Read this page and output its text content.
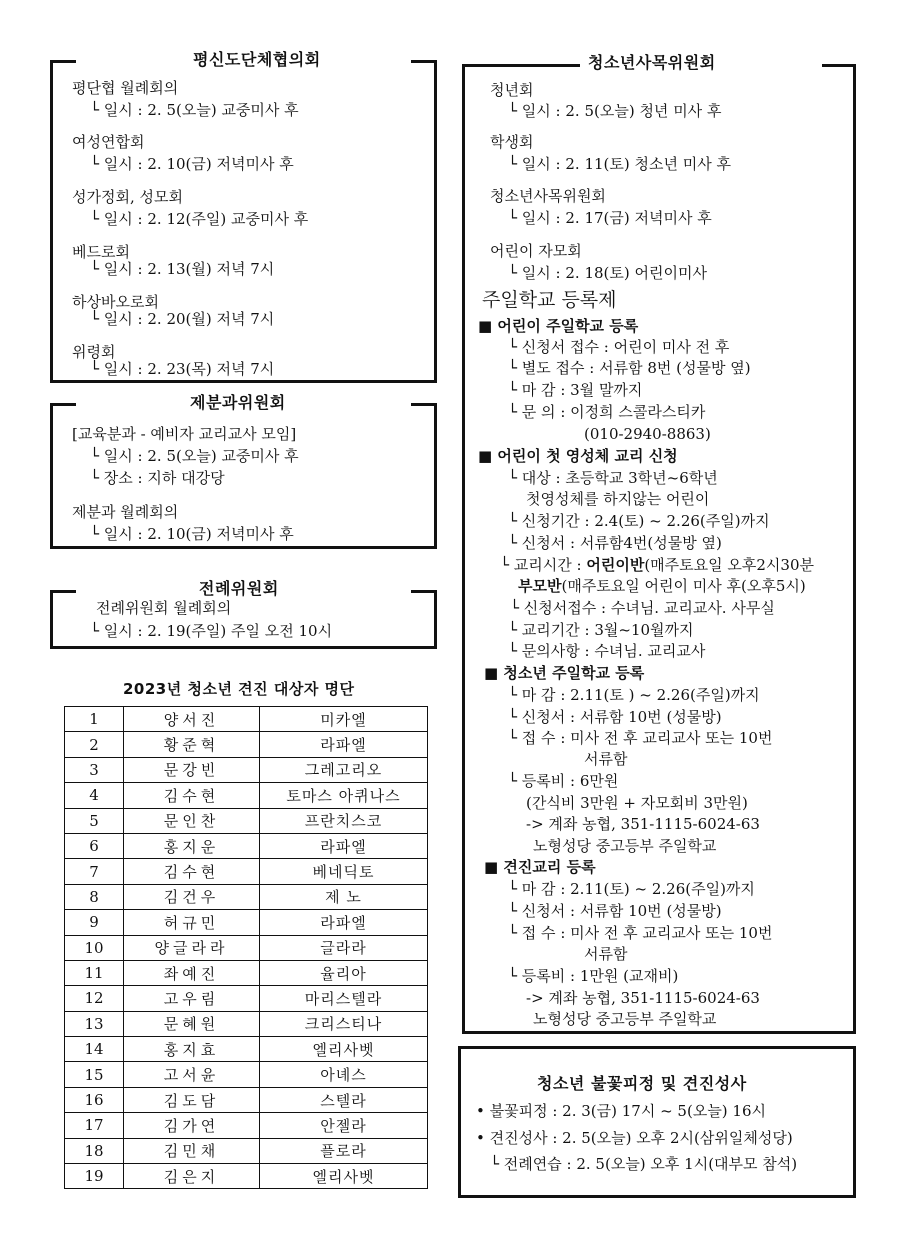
평신도단체협의회
평단협 월례회의
└ 일시 : 2. 5(오늘) 교중미사 후
여성연합회
└ 일시 : 2. 10(금) 저녁미사 후
성가정회, 성모회
└ 일시 : 2. 12(주일) 교중미사 후
베드로회
└ 일시 : 2. 13(월) 저녁 7시
하상바오로회
└ 일시 : 2. 20(월) 저녁 7시
위령회
└ 일시 : 2. 23(목) 저녁 7시
제분과위원회
[교육분과 - 예비자 교리교사 모임]
└ 일시 : 2. 5(오늘) 교중미사 후
└ 장소 : 지하 대강당
제분과 월례회의
└ 일시 : 2. 10(금) 저녁미사 후
전례위원회
전례위원회 월례회의
└ 일시 : 2. 19(주일) 주일 오전 10시
2023년 청소년 견진 대상자 명단
1	양서진	미카엘
2	황준혁	라파엘
3	문강빈	그레고리오
4	김수현	토마스 아퀴나스
5	문인찬	프란치스코
6	홍지운	라파엘
7	김수현	베네딕토
8	김건우	제 노
9	허규민	라파엘
10	양글라라	글라라
11	좌예진	율리아
12	고우림	마리스텔라
13	문혜원	크리스티나
14	홍지효	엘리사벳
15	고서윤	아녜스
16	김도담	스텔라
17	김가연	안젤라
18	김민채	플로라
19	김은지	엘리사벳
청소년사목위원회
청년회
└ 일시 : 2. 5(오늘) 청년 미사 후
학생회
└ 일시 : 2. 11(토) 청소년 미사 후
청소년사목위원회
└ 일시 : 2. 17(금) 저녁미사 후
어린이 자모회
└ 일시 : 2. 18(토) 어린이미사
주일학교 등록제
■ 어린이 주일학교 등록
└ 신청서 접수 : 어린이 미사 전 후
└ 별도 접수 : 서류함 8번 (성물방 옆)
└ 마 감 : 3월 말까지
└ 문 의 : 이정희 스콜라스티카
(010-2940-8863)
■ 어린이 첫 영성체 교리 신청
└ 대상 : 초등학교 3학년~6학년
첫영성체를 하지않는 어린이
└ 신청기간 : 2.4(토) ~ 2.26(주일)까지
└ 신청서 : 서류함4번(성물방 옆)
└ 교리시간 : 어린이반(매주토요일 오후2시30분
부모반(매주토요일 어린이 미사 후(오후5시)
└ 신청서접수 : 수녀님. 교리교사. 사무실
└ 교리기간 : 3월~10월까지
└ 문의사항 : 수녀님. 교리교사
■ 청소년 주일학교 등록
└ 마 감 : 2.11(토 ) ~ 2.26(주일)까지
└ 신청서 : 서류함 10번 (성물방)
└ 접 수 : 미사 전 후 교리교사 또는 10번
서류함
└ 등록비 : 6만원
(간식비 3만원 + 자모회비 3만원)
-> 계좌 농협, 351-1115-6024-63
노형성당 중고등부 주일학교
■ 견진교리 등록
└ 마 감 : 2.11(토) ~ 2.26(주일)까지
└ 신청서 : 서류함 10번 (성물방)
└ 접 수 : 미사 전 후 교리교사 또는 10번
서류함
└ 등록비 : 1만원 (교재비)
-> 계좌 농협, 351-1115-6024-63
노형성당 중고등부 주일학교
청소년 불꽃피정 및 견진성사
• 불꽃피정 : 2. 3(금) 17시 ~ 5(오늘) 16시
• 견진성사 : 2. 5(오늘) 오후 2시(삼위일체성당)
└ 전례연습 : 2. 5(오늘) 오후 1시(대부모 참석)
